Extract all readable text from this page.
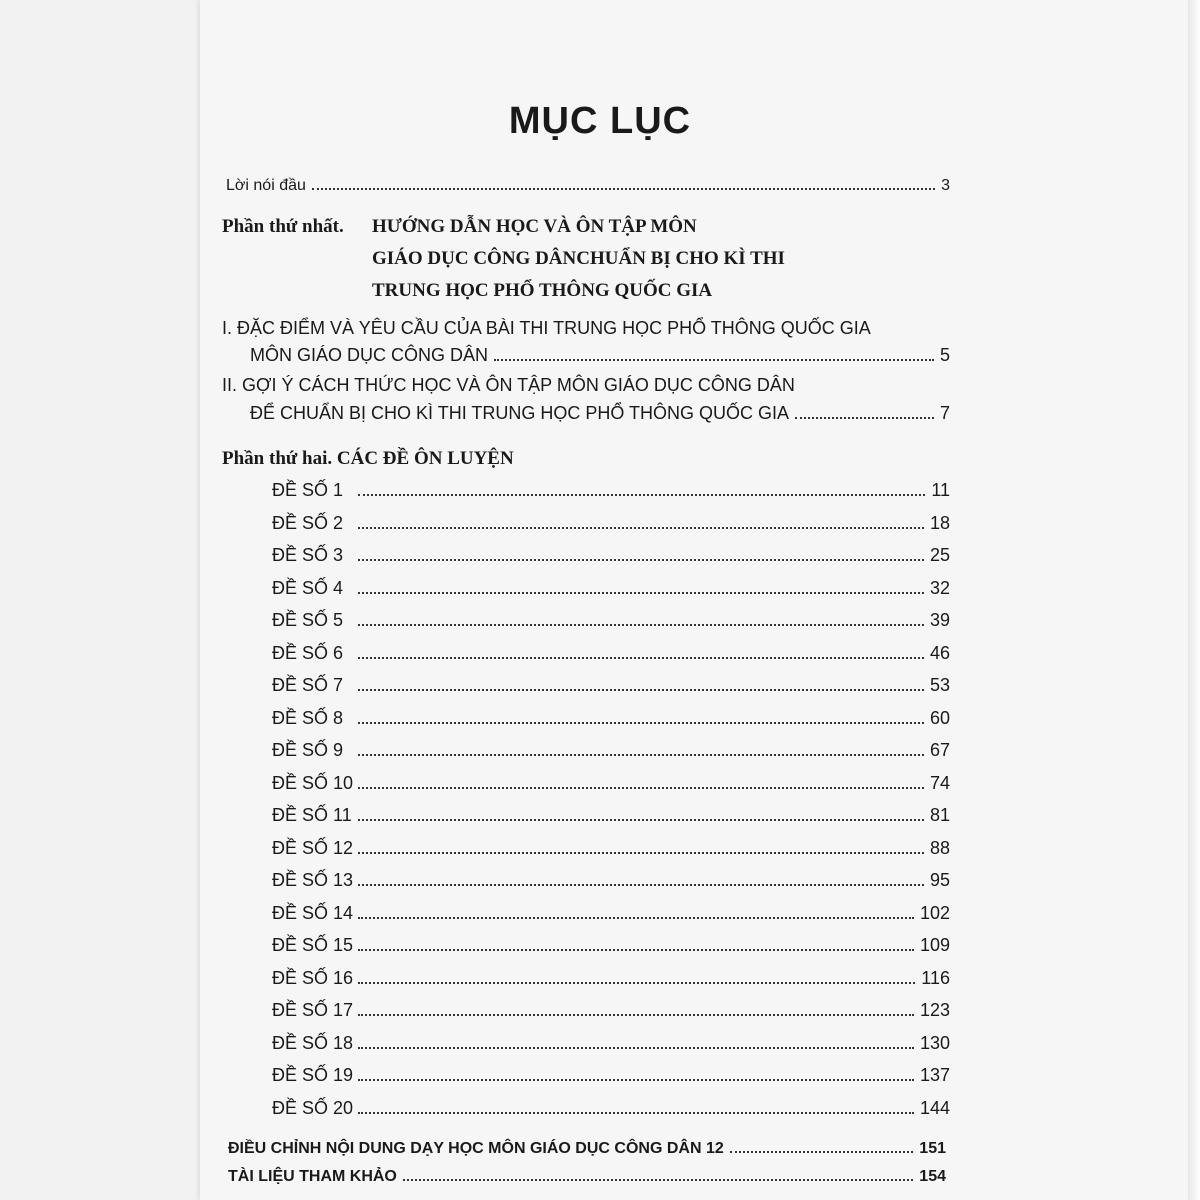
MỤC LỤC
Lời nói đầu	3
Phần thứ nhất. HƯỚNG DẪN HỌC VÀ ÔN TẬP MÔN
GIÁO DỤC CÔNG DÂNCHUẨN BỊ CHO KÌ THI
TRUNG HỌC PHỔ THÔNG QUỐC GIA
I. ĐẶC ĐIỂM VÀ YÊU CẦU CỦA BÀI THI TRUNG HỌC PHỔ THÔNG QUỐC GIA
MÔN GIÁO DỤC CÔNG DÂN	5
II. GỢI Ý CÁCH THỨC HỌC VÀ ÔN TẬP MÔN GIÁO DỤC CÔNG DÂN
ĐỂ CHUẨN BỊ CHO KÌ THI TRUNG HỌC PHỔ THÔNG QUỐC GIA	7
Phần thứ hai. CÁC ĐỀ ÔN LUYỆN
ĐỀ SỐ 1	11
ĐỀ SỐ 2	18
ĐỀ SỐ 3	25
ĐỀ SỐ 4	32
ĐỀ SỐ 5	39
ĐỀ SỐ 6	46
ĐỀ SỐ 7	53
ĐỀ SỐ 8	60
ĐỀ SỐ 9	67
ĐỀ SỐ 10	74
ĐỀ SỐ 11	81
ĐỀ SỐ 12	88
ĐỀ SỐ 13	95
ĐỀ SỐ 14	102
ĐỀ SỐ 15	109
ĐỀ SỐ 16	116
ĐỀ SỐ 17	123
ĐỀ SỐ 18	130
ĐỀ SỐ 19	137
ĐỀ SỐ 20	144
ĐIỀU CHỈNH NỘI DUNG DẠY HỌC MÔN GIÁO DỤC CÔNG DÂN 12	151
TÀI LIỆU THAM KHẢO	154
